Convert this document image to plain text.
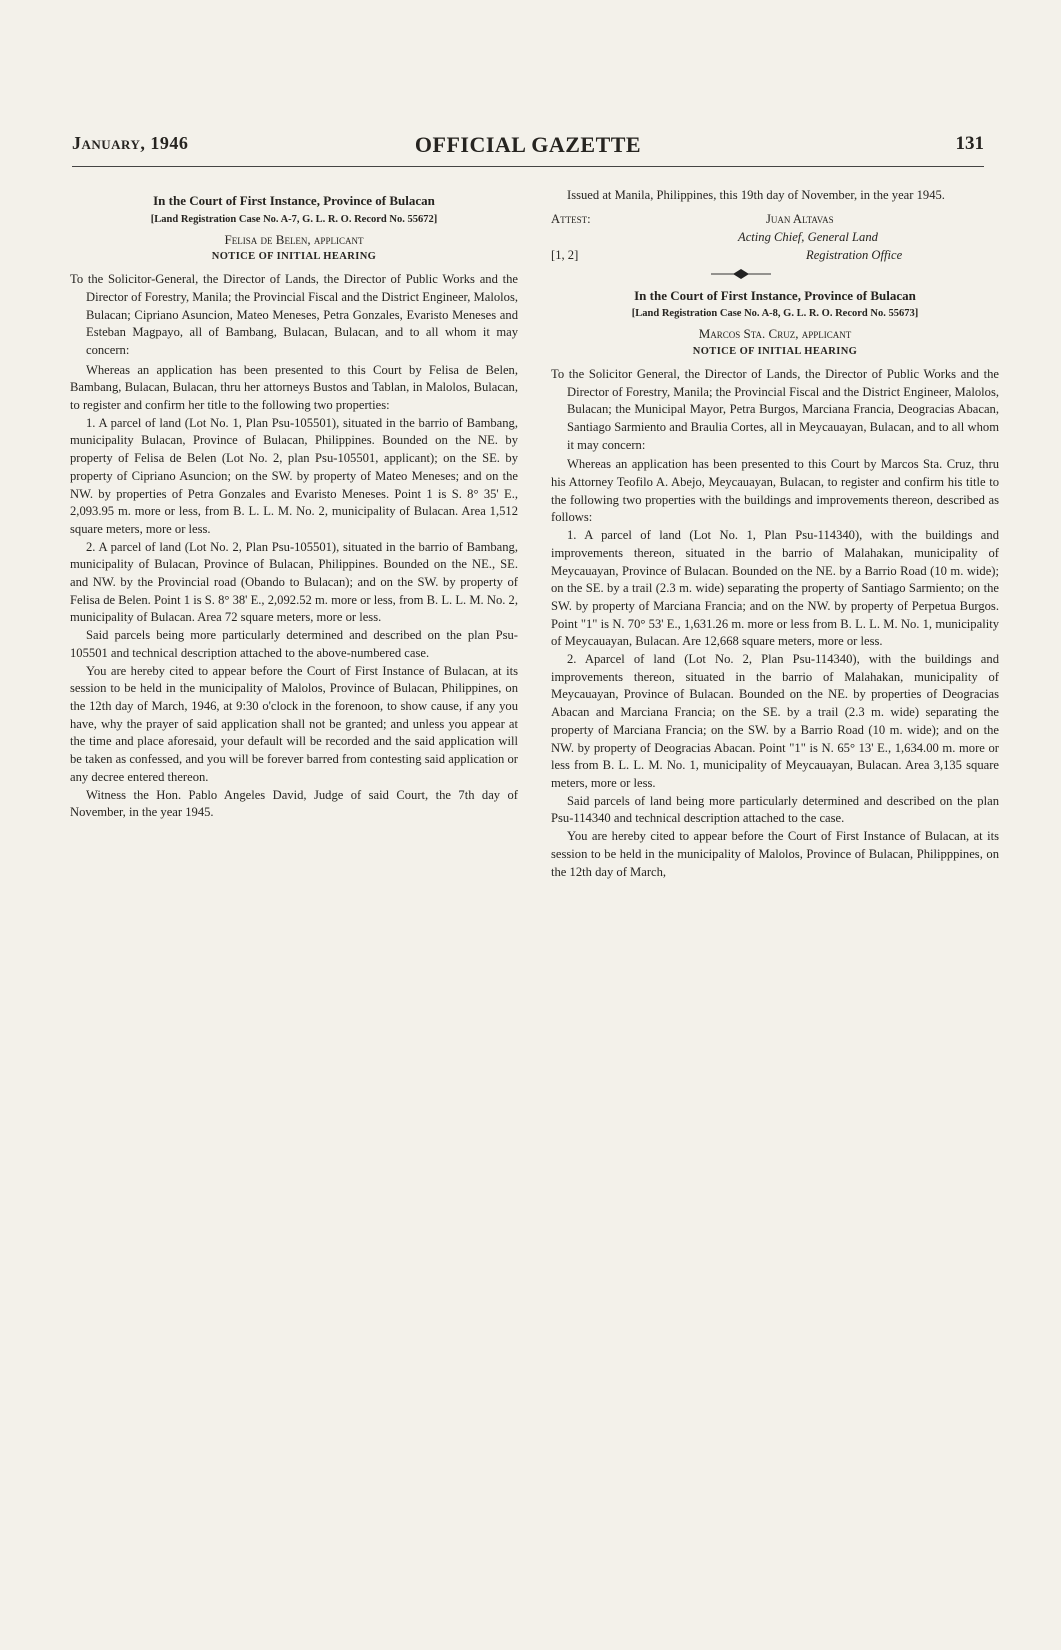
January, 1946	OFFICIAL GAZETTE	131

In the Court of First Instance, Province of Bulacan

[Land Registration Case No. A-7, G. L. R. O. Record No. 55672]

Felisa de Belen, applicant

NOTICE OF INITIAL HEARING

To the Solicitor-General, the Director of Lands, the Director of Public Works and the Director of Forestry, Manila; the Provincial Fiscal and the District Engineer, Malolos, Bulacan; Cipriano Asuncion, Mateo Meneses, Petra Gonzales, Evaristo Meneses and Esteban Magpayo, all of Bambang, Bulacan, Bulacan, and to all whom it may concern:

Whereas an application has been presented to this Court by Felisa de Belen, Bambang, Bulacan, Bulacan, thru her attorneys Bustos and Tablan, in Malolos, Bulacan, to register and confirm her title to the following two properties:

1. A parcel of land (Lot No. 1, Plan Psu-105501), situated in the barrio of Bambang, municipality Bulacan, Province of Bulacan, Philippines. Bounded on the NE. by property of Felisa de Belen (Lot No. 2, plan Psu-105501, applicant); on the SE. by property of Cipriano Asuncion; on the SW. by property of Mateo Meneses; and on the NW. by properties of Petra Gonzales and Evaristo Meneses. Point 1 is S. 8° 35' E., 2,093.95 m. more or less, from B. L. L. M. No. 2, municipality of Bulacan. Area 1,512 square meters, more or less.

2. A parcel of land (Lot No. 2, Plan Psu-105501), situated in the barrio of Bambang, municipality of Bulacan, Province of Bulacan, Philippines. Bounded on the NE., SE. and NW. by the Provincial road (Obando to Bulacan); and on the SW. by property of Felisa de Belen. Point 1 is S. 8° 38' E., 2,092.52 m. more or less, from B. L. L. M. No. 2, municipality of Bulacan. Area 72 square meters, more or less.

Said parcels being more particularly determined and described on the plan Psu-105501 and technical description attached to the above-numbered case.

You are hereby cited to appear before the Court of First Instance of Bulacan, at its session to be held in the municipality of Malolos, Province of Bulacan, Philippines, on the 12th day of March, 1946, at 9:30 o'clock in the forenoon, to show cause, if any you have, why the prayer of said application shall not be granted; and unless you appear at the time and place aforesaid, your default will be recorded and the said application will be taken as confessed, and you will be forever barred from contesting said application or any decree entered thereon.

Witness the Hon. Pablo Angeles David, Judge of said Court, the 7th day of November, in the year 1945.

Issued at Manila, Philippines, this 19th day of November, in the year 1945.

Attest:	Juan Altavas
Acting Chief, General Land
[1, 2]	Registration Office

In the Court of First Instance, Province of Bulacan

[Land Registration Case No. A-8, G. L. R. O. Record No. 55673]

Marcos Sta. Cruz, applicant

NOTICE OF INITIAL HEARING

To the Solicitor General, the Director of Lands, the Director of Public Works and the Director of Forestry, Manila; the Provincial Fiscal and the District Engineer, Malolos, Bulacan; the Municipal Mayor, Petra Burgos, Marciana Francia, Deogracias Abacan, Santiago Sarmiento and Braulia Cortes, all in Meycauayan, Bulacan, and to all whom it may concern:

Whereas an application has been presented to this Court by Marcos Sta. Cruz, thru his Attorney Teofilo A. Abejo, Meycauayan, Bulacan, to register and confirm his title to the following two properties with the buildings and improvements thereon, described as follows:

1. A parcel of land (Lot No. 1, Plan Psu-114340), with the buildings and improvements thereon, situated in the barrio of Malahakan, municipality of Meycauayan, Province of Bulacan. Bounded on the NE. by a Barrio Road (10 m. wide); on the SE. by a trail (2.3 m. wide) separating the property of Santiago Sarmiento; on the SW. by property of Marciana Francia; and on the NW. by property of Perpetua Burgos. Point "1" is N. 70° 53' E., 1,631.26 m. more or less from B. L. L. M. No. 1, municipality of Meycauayan, Bulacan. Are 12,668 square meters, more or less.

2. Aparcel of land (Lot No. 2, Plan Psu-114340), with the buildings and improvements thereon, situated in the barrio of Malahakan, municipality of Meycauayan, Province of Bulacan. Bounded on the NE. by properties of Deogracias Abacan and Marciana Francia; on the SE. by a trail (2.3 m. wide) separating the property of Marciana Francia; on the SW. by a Barrio Road (10 m. wide); and on the NW. by property of Deogracias Abacan. Point "1" is N. 65° 13' E., 1,634.00 m. more or less from B. L. L. M. No. 1, municipality of Meycauayan, Bulacan. Area 3,135 square meters, more or less.

Said parcels of land being more particularly determined and described on the plan Psu-114340 and technical description attached to the case.

You are hereby cited to appear before the Court of First Instance of Bulacan, at its session to be held in the municipality of Malolos, Province of Bulacan, Philipppines, on the 12th day of March,
